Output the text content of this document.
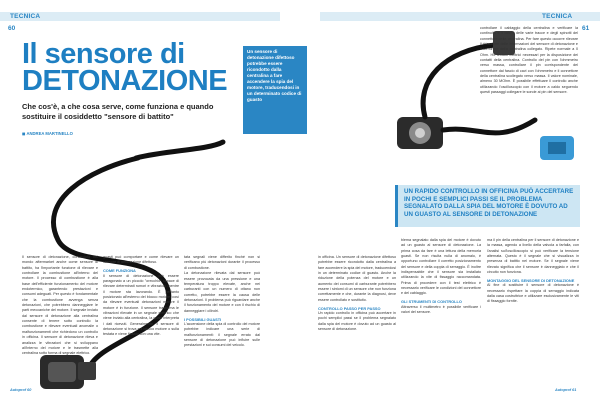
TECNICA	TECNICA
60	61
Il sensore di
DETONAZIONE
Che cos'è, a che cosa serve, come funziona e quando sostituire il cosiddetto "sensore di battito"
◼ ANDREA MARTINELLO
Un sensore di detonazione difettoso potrebbe essere ricondotto dalla centralina a fare accendere la spia del motore, traducendosi in un determinato codice di guasto
controllare il cablaggio della centralina e verificare la continuità e il colore delle varie tracce e degli spinotti del connettore della centralina. Per fare questo occorre rilevare l'ubicazione delle informazioni del sensore di detonazione e il terminale della centralina collegato. Ripete normale a 0 Ohm. Ho testato elettrici necessari per la disposizione dei contatti della centralina. Controllo del pin con l'ohmmetro verso massa, controllare il pin corrispondente del connettore dal fascio di cavi con l'ohmmetro e il connettore della centralina scollegato verso massa. Il valore nominale, almeno 30 MOhm. È possibile effettuare il controllo anche utilizzando l'oscilloscopio con il motore a caldo seguendo questi passaggi collegare le sonde ai pin del sensore.
UN RAPIDO CONTROLLO IN OFFICINA PUÒ ACCERTARE IN POCHI E SEMPLICI PASSI SE IL PROBLEMA SEGNALATO DALLA SPIA DEL MOTORE È DOVUTO AD UN GUASTO AL SENSORE DI DETONAZIONE

Il sensore di detonazione, conosciuto nel mondo aftermarket anche come sensore di battito, ha l'importante funzione di rilevare e controllare la combustione all'interno del motore. Il processo di combustione è alla base dell'efficiente funzionamento del motore endotermico, garantendo prestazioni e consumi adeguati. Per questo è fondamentale che la combustione avvenga senza detonazioni, che potrebbero danneggiare le parti meccaniche del motore. Il segnale inviato dal sensore di detonazione alla centralina consente di tenere sotto controllo la combustione e rilevare eventuali anomalie o malfunzionamenti che richiedono un controllo in officina. Il sensore di detonazione rileva e analizza le vibrazioni che si sviluppano all'interno del motore e le trasmette alla centralina sotto forma di segnale elettrico.

guasti può comportare e come rilevare un sensore di detonazione difettoso.

COME FUNZIONA

Il sensore di detonazione può essere paragonato a un piccolo "orecchio" capace di rilevare determinati rumori e vibrazioni mentre il motore sta lavorando. È pertanto posizionato all'esterno del blocco motore, così da rilevare eventuali detonazioni mentre il motore è in funzione. Il sensore trasforma le vibrazioni rilevate in un segnale elettrico che viene inviato alla centralina, la quale interpreta i dati ricevuti. Generalmente, il sensore di detonazione si trova sul blocco motore o sulla testata e viene fissato con una vite.

tata segnali viene differito finché non si verificano più detonazioni durante il processo di combustione.

La detonazione rilevata dal sensore può essere provocata da una pressione e una temperatura troppo elevate, anche nei carburanti con un numero di ottano non corretto, potrebbe essere la causa delle detonazioni. Il problema può riguardare anche il funzionamento del motore e con il rischio di danneggiare i cilindri.

I POSSIBILI GUASTI

L'accensione della spia di controllo del motore potrebbe indicare una serie di malfunzionamenti: il segnale errato dal sensore di detonazione può influire sulle prestazioni e sui consumi del veicolo.

in officina. Un sensore di detonazione difettoso potrebbe essere ricondotto dalla centralina a fare accendere la spia del motore, traducendosi in un determinato codice di guasto. Anche la riduzione della potenza del motore e un aumento dei consumi di carburante potrebbero essere i sintomi di un sensore che non funziona correttamente e che, durante la diagnosi, deve essere controllato e sostituito.

CONTROLLO PASSO PER PASSO

Un rapido controllo in officina può accertare in pochi semplici passi se il problema segnalato dalla spia del motore è dovuto ad un guasto al sensore di detonazione.

blema segnalato dalla spia del motore è dovuto ad un guasto al sensore di detonazione. La prima cosa da fare è una lettura della memoria guasti. Se non risulta nulla di anomalo, è opportuno controllare il corretto posizionamento del sensore e della coppia di serraggio. È inoltre indispensabile che il sensore sia installato utilizzando la vite di fissaggio raccomandata. Prima di procedere con il test elettrico è necessario verificare le condizioni del connettore e del cablaggio.

GLI STRUMENTI DI CONTROLLO

Attraverso il multimetro è possibile verificare i valori del sensore.

ma il pin della centralina per il sensore di detonazione e la massa, agendo a livello della valvola a farfalla, con l'analisi sull'oscilloscopio si può verificare la tensione alternata. Questo è il segnale che si visualizza in presenza di battito nel motore. Se il segnale viene rilevato significa che il sensore è danneggiato e che il circuito non funziona.

MONTAGGIO DEL SENSORE DI DETONAZIONE

Al fine di sostituire il sensore di detonazione è necessario rispettare la coppia di serraggio indicata dalla casa costruttrice e utilizzare esclusivamente le viti di fissaggio fornite.

Autoprof 60	Autoprof 61
